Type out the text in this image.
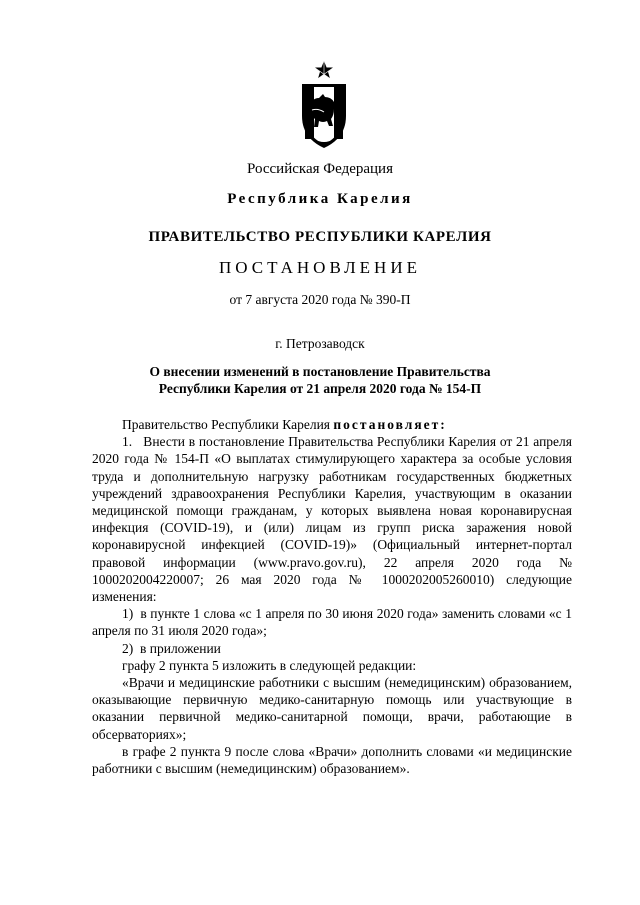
Российская Федерация
Республика Карелия
ПРАВИТЕЛЬСТВО РЕСПУБЛИКИ КАРЕЛИЯ
ПОСТАНОВЛЕНИЕ
от 7 августа 2020 года № 390-П
г. Петрозаводск
О внесении изменений в постановление Правительства
Республики Карелия от 21 апреля 2020 года № 154-П

Правительство Республики Карелия постановляет:

1.   Внести в постановление Правительства Республики Карелия от 21 апреля 2020 года № 154-П «О выплатах стимулирующего характера за особые условия труда и дополнительную нагрузку работникам государственных бюджетных учреждений здравоохранения Республики Карелия, участвующим в оказании медицинской помощи гражданам, у которых выявлена новая коронавирусная инфекция (COVID-19), и (или) лицам из групп риска заражения новой коронавирусной инфекцией (COVID-19)» (Официальный интернет-портал правовой информации (www.pravo.gov.ru), 22 апреля 2020 года № 1000202004220007; 26 мая 2020 года № 1000202005260010) следующие изменения:

1)  в пункте 1 слова «с 1 апреля по 30 июня 2020 года» заменить словами «с 1 апреля по 31 июля 2020 года»;

2)  в приложении

графу 2 пункта 5 изложить в следующей редакции:

«Врачи и медицинские работники с высшим (немедицинским) образованием, оказывающие первичную медико-санитарную помощь или участвующие в оказании первичной медико-санитарной помощи, врачи, работающие в обсерваториях»;

в графе 2 пункта 9 после слова «Врачи» дополнить словами «и медицинские работники с высшим (немедицинским) образованием».
